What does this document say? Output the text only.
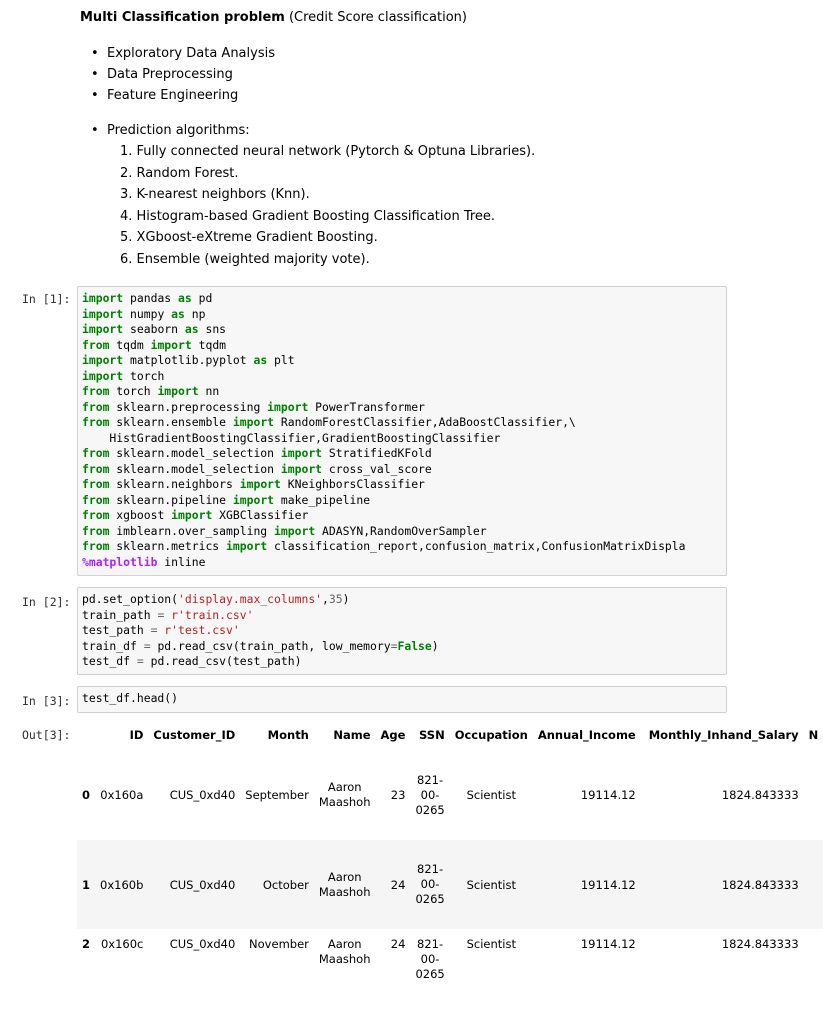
Multi Classification problem (Credit Score classification)
• Exploratory Data Analysis
• Data Preprocessing
• Feature Engineering
• Prediction algorithms:
1. Fully connected neural network (Pytorch & Optuna Libraries).
2. Random Forest.
3. K-nearest neighbors (Knn).
4. Histogram-based Gradient Boosting Classification Tree.
5. XGboost-eXtreme Gradient Boosting.
6. Ensemble (weighted majority vote).
In [1]:	import pandas as pd
import numpy as np
import seaborn as sns
from tqdm import tqdm
import matplotlib.pyplot as plt
import torch
from torch import nn
from sklearn.preprocessing import PowerTransformer
from sklearn.ensemble import RandomForestClassifier,AdaBoostClassifier,\
HistGradientBoostingClassifier,GradientBoostingClassifier
from sklearn.model_selection import StratifiedKFold
from sklearn.model_selection import cross_val_score
from sklearn.neighbors import KNeighborsClassifier
from sklearn.pipeline import make_pipeline
from xgboost import XGBClassifier
from imblearn.over_sampling import ADASYN,RandomOverSampler
from sklearn.metrics import classification_report,confusion_matrix,ConfusionMatrixDispla
%matplotlib inline
In [2]:	pd.set_option('display.max_columns',35)
train_path = r'train.csv'
test_path = r'test.csv'
train_df = pd.read_csv(train_path, low_memory=False)
test_df = pd.read_csv(test_path)
In [3]:	test_df.head()
Out[3]:
		ID	Customer_ID	Month	Name	Age	SSN	Occupation	Annual_Income	Monthly_Inhand_Salary	N
0	0x160a	CUS_0xd40	September	Aaron
Maashoh	23	821-
00-
0265	Scientist	19114.12	1824.843333	
1	0x160b	CUS_0xd40	October	Aaron
Maashoh	24	821-
00-
0265	Scientist	19114.12	1824.843333	
2	0x160c	CUS_0xd40	November	Aaron
Maashoh	24	821-
00-
0265	Scientist	19114.12	1824.843333	
